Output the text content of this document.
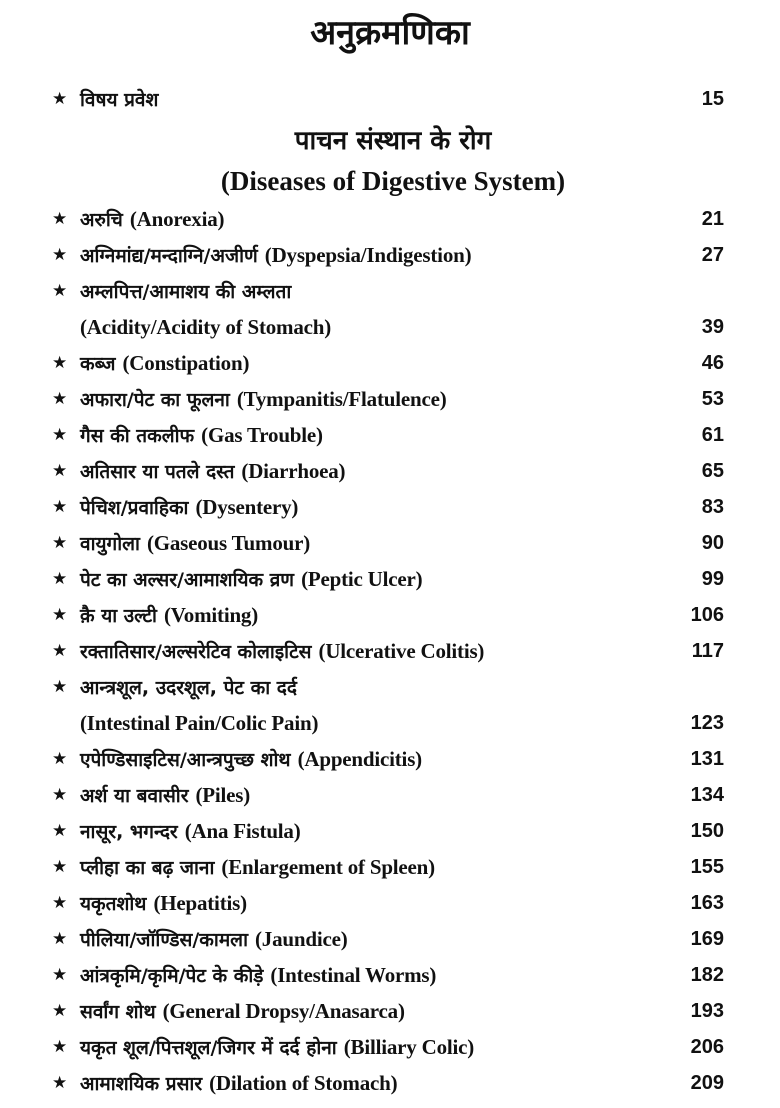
अनुक्रमणिका
★ विषय प्रवेश	15
पाचन संस्थान के रोग
(Diseases of Digestive System)
★ अरुचि (Anorexia)	21
★ अग्निमांद्य/मन्दाग्नि/अजीर्ण (Dyspepsia/Indigestion)	27
★ अम्लपित्त/आमाशय की अम्लता
(Acidity/Acidity of Stomach)	39
★ कब्ज (Constipation)	46
★ अफारा/पेट का फूलना (Tympanitis/Flatulence)	53
★ गैस की तकलीफ (Gas Trouble)	61
★ अतिसार या पतले दस्त (Diarrhoea)	65
★ पेचिश/प्रवाहिका (Dysentery)	83
★ वायुगोला (Gaseous Tumour)	90
★ पेट का अल्सर/आमाशयिक व्रण (Peptic Ulcer)	99
★ क़ै या उल्टी (Vomiting)	106
★ रक्तातिसार/अल्सरेटिव कोलाइटिस (Ulcerative Colitis)	117
★ आन्त्रशूल, उदरशूल, पेट का दर्द
(Intestinal Pain/Colic Pain)	123
★ एपेण्डिसाइटिस/आन्त्रपुच्छ शोथ (Appendicitis)	131
★ अर्श या बवासीर (Piles)	134
★ नासूर, भगन्दर (Ana Fistula)	150
★ प्लीहा का बढ़ जाना (Enlargement of Spleen)	155
★ यकृतशोथ (Hepatitis)	163
★ पीलिया/जॉण्डिस/कामला (Jaundice)	169
★ आंत्रकृमि/कृमि/पेट के कीड़े (Intestinal Worms)	182
★ सर्वांग शोथ (General Dropsy/Anasarca)	193
★ यकृत शूल/पित्तशूल/जिगर में दर्द होना (Billiary Colic)	206
★ आमाशयिक प्रसार (Dilation of Stomach)	209
